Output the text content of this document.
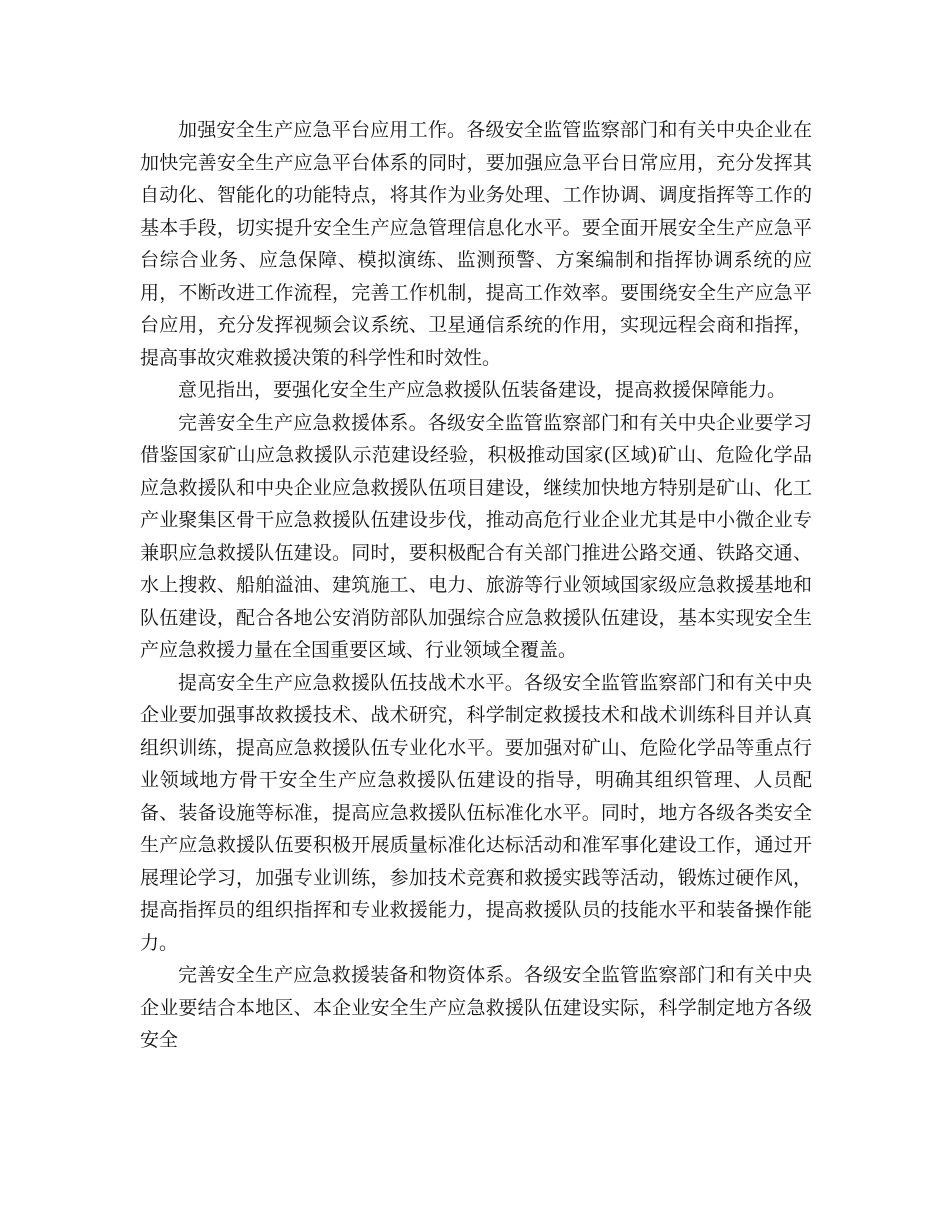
加强安全生产应急平台应用工作。各级安全监管监察部门和有关中央企业在加快完善安全生产应急平台体系的同时，要加强应急平台日常应用，充分发挥其自动化、智能化的功能特点，将其作为业务处理、工作协调、调度指挥等工作的基本手段，切实提升安全生产应急管理信息化水平。要全面开展安全生产应急平台综合业务、应急保障、模拟演练、监测预警、方案编制和指挥协调系统的应用，不断改进工作流程，完善工作机制，提高工作效率。要围绕安全生产应急平台应用，充分发挥视频会议系统、卫星通信系统的作用，实现远程会商和指挥，提高事故灾难救援决策的科学性和时效性。

意见指出，要强化安全生产应急救援队伍装备建设，提高救援保障能力。

完善安全生产应急救援体系。各级安全监管监察部门和有关中央企业要学习借鉴国家矿山应急救援队示范建设经验，积极推动国家(区域)矿山、危险化学品应急救援队和中央企业应急救援队伍项目建设，继续加快地方特别是矿山、化工产业聚集区骨干应急救援队伍建设步伐，推动高危行业企业尤其是中小微企业专兼职应急救援队伍建设。同时，要积极配合有关部门推进公路交通、铁路交通、水上搜救、船舶溢油、建筑施工、电力、旅游等行业领域国家级应急救援基地和队伍建设，配合各地公安消防部队加强综合应急救援队伍建设，基本实现安全生产应急救援力量在全国重要区域、行业领域全覆盖。

提高安全生产应急救援队伍技战术水平。各级安全监管监察部门和有关中央企业要加强事故救援技术、战术研究，科学制定救援技术和战术训练科目并认真组织训练，提高应急救援队伍专业化水平。要加强对矿山、危险化学品等重点行业领域地方骨干安全生产应急救援队伍建设的指导，明确其组织管理、人员配备、装备设施等标准，提高应急救援队伍标准化水平。同时，地方各级各类安全生产应急救援队伍要积极开展质量标准化达标活动和准军事化建设工作，通过开展理论学习，加强专业训练，参加技术竞赛和救援实践等活动，锻炼过硬作风，提高指挥员的组织指挥和专业救援能力，提高救援队员的技能水平和装备操作能力。

完善安全生产应急救援装备和物资体系。各级安全监管监察部门和有关中央企业要结合本地区、本企业安全生产应急救援队伍建设实际，科学制定地方各级安全
